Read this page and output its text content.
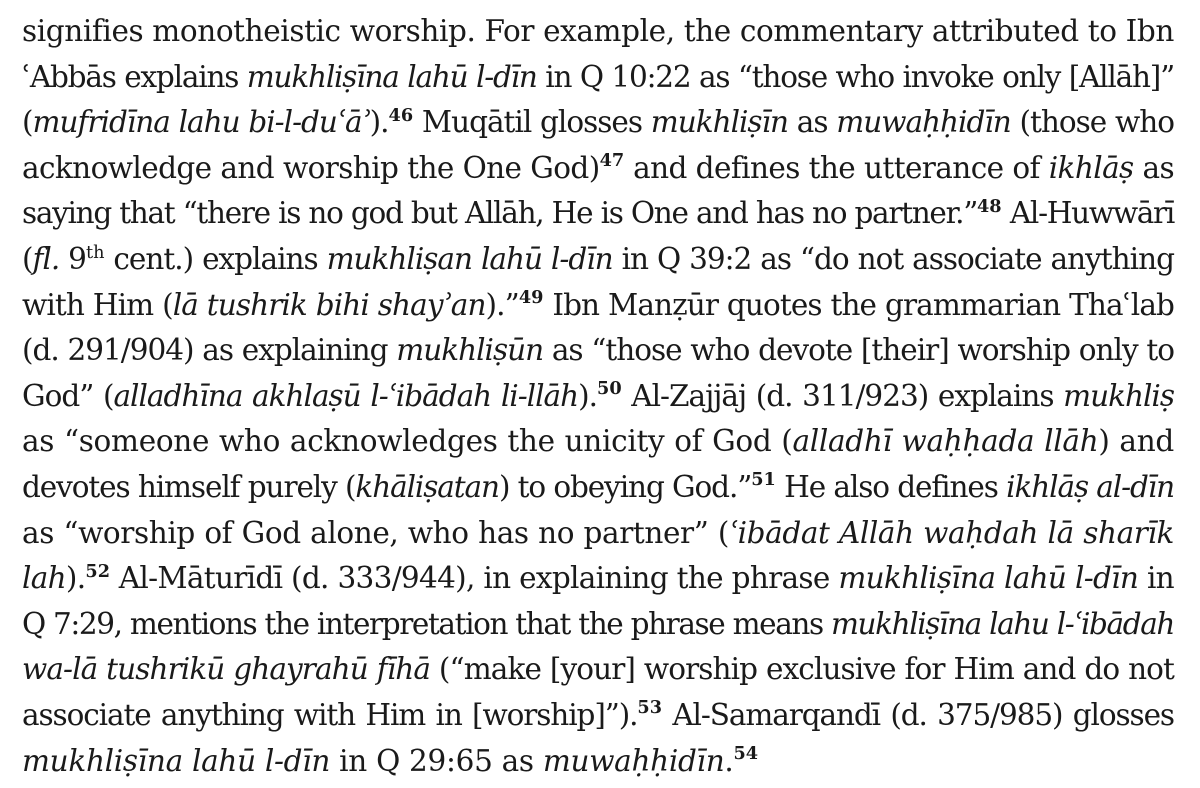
signifies monotheistic worship. For example, the commentary attributed to Ibn
ʿAbbās explains mukhliṣīna lahū l-dīn in Q 10:22 as “those who invoke only [Allāh]”
(mufridīna lahu bi-l-duʿāʾ).$^{46}$ Muqātil glosses mukhliṣīn as muwaḥḥidīn (those who
acknowledge and worship the One God)$^{47}$ and defines the utterance of ikhlāṣ as
saying that “there is no god but Allāh, He is One and has no partner.”$^{48}$ Al-Huwwārī
(fl. 9th cent.) explains mukhliṣan lahū l-dīn in Q 39:2 as “do not associate anything
with Him (lā tushrik bihi shayʾan).”$^{49}$ Ibn Manẓūr quotes the grammarian Thaʿlab
(d. 291/904) as explaining mukhliṣūn as “those who devote [their] worship only to
God” (alladhīna akhlaṣū l-ʿibādah li-llāh).$^{50}$ Al-Zajjāj (d. 311/923) explains mukhliṣ
as “someone who acknowledges the unicity of God (alladhī waḥḥada llāh) and
devotes himself purely (khāliṣatan) to obeying God.”$^{51}$ He also defines ikhlāṣ al-dīn
as “worship of God alone, who has no partner” (ʿibādat Allāh waḥdah lā sharīk
lah).$^{52}$ Al-Māturīdī (d. 333/944), in explaining the phrase mukhliṣīna lahū l-dīn in
Q 7:29, mentions the interpretation that the phrase means mukhliṣīna lahu l-ʿibādah
wa-lā tushrikū ghayrahū fīhā (“make [your] worship exclusive for Him and do not
associate anything with Him in [worship]”).$^{53}$ Al-Samarqandī (d. 375/985) glosses
mukhliṣīna lahū l-dīn in Q 29:65 as muwaḥḥidīn.$^{54}$
